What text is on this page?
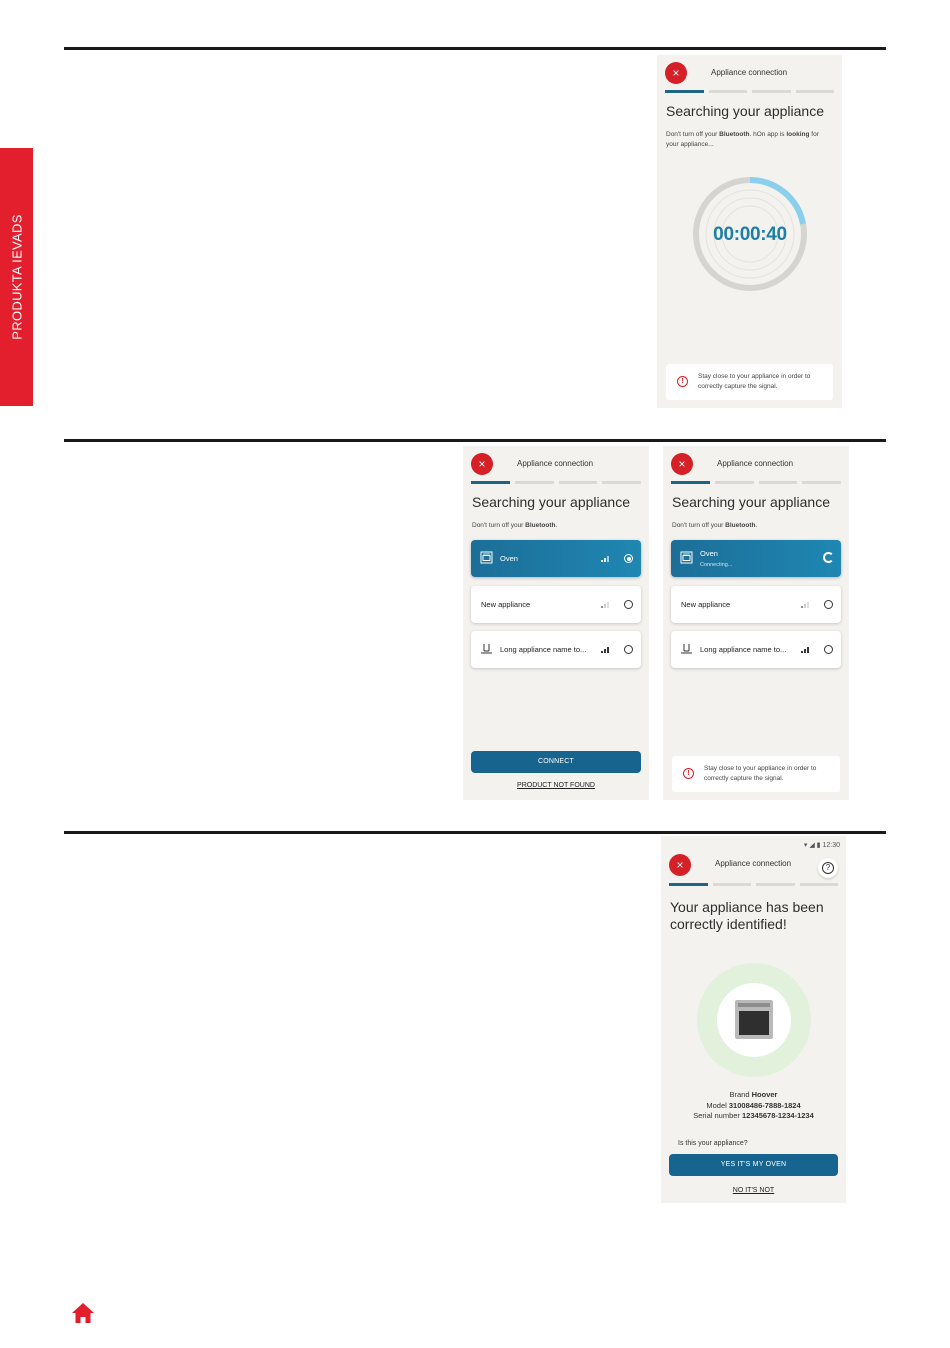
PRODUKTA IEVADS
×	Appliance connection
Searching your appliance
Don't turn off your Bluetooth. hOn app is looking for your appliance...
00:00:40
!
Stay close to your appliance in order to correctly capture the signal.
×	Appliance connection
Searching your appliance
Don't turn off your Bluetooth.
Oven
New appliance
Long appliance name to...
CONNECT
PRODUCT NOT FOUND
×	Appliance connection
Searching your appliance
Don't turn off your Bluetooth.
Oven
Connecting...
New appliance
Long appliance name to...
!
Stay close to your appliance in order to correctly capture the signal.
▾ ◢ ▮ 12:30
×	Appliance connection	?
Your appliance has been
correctly identified!
Brand Hoover
Model 31008486-7888-1824
Serial number 12345678-1234-1234
Is this your appliance?
YES IT'S MY OVEN
NO IT'S NOT
